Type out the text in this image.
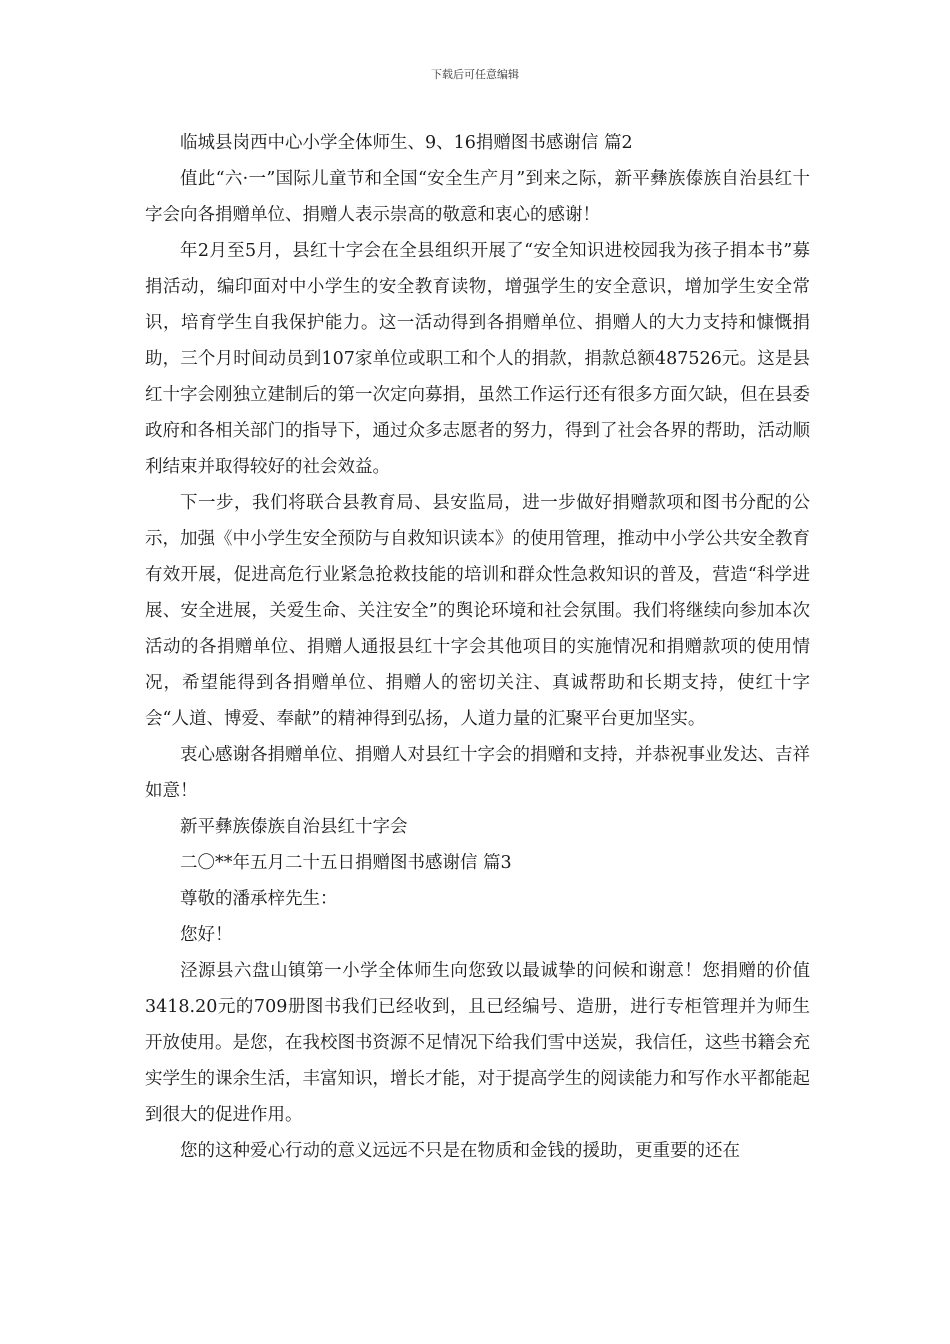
下载后可任意编辑

临城县岗西中心小学全体师生、9、16捐赠图书感谢信 篇2

值此“六·一”国际儿童节和全国“安全生产月”到来之际，新平彝族傣族自治县红十字会向各捐赠单位、捐赠人表示崇高的敬意和衷心的感谢！

年2月至5月，县红十字会在全县组织开展了“安全知识进校园我为孩子捐本书”募捐活动，编印面对中小学生的安全教育读物，增强学生的安全意识，增加学生安全常识，培育学生自我保护能力。这一活动得到各捐赠单位、捐赠人的大力支持和慷慨捐助，三个月时间动员到107家单位或职工和个人的捐款，捐款总额487526元。这是县红十字会刚独立建制后的第一次定向募捐，虽然工作运行还有很多方面欠缺，但在县委政府和各相关部门的指导下，通过众多志愿者的努力，得到了社会各界的帮助，活动顺利结束并取得较好的社会效益。

下一步，我们将联合县教育局、县安监局，进一步做好捐赠款项和图书分配的公示，加强《中小学生安全预防与自救知识读本》的使用管理，推动中小学公共安全教育有效开展，促进高危行业紧急抢救技能的培训和群众性急救知识的普及，营造“科学进展、安全进展，关爱生命、关注安全”的舆论环境和社会氛围。我们将继续向参加本次活动的各捐赠单位、捐赠人通报县红十字会其他项目的实施情况和捐赠款项的使用情况，希望能得到各捐赠单位、捐赠人的密切关注、真诚帮助和长期支持，使红十字会“人道、博爱、奉献”的精神得到弘扬，人道力量的汇聚平台更加坚实。

衷心感谢各捐赠单位、捐赠人对县红十字会的捐赠和支持，并恭祝事业发达、吉祥如意！

新平彝族傣族自治县红十字会

二〇**年五月二十五日捐赠图书感谢信 篇3

尊敬的潘承梓先生：

您好！

泾源县六盘山镇第一小学全体师生向您致以最诚挚的问候和谢意！您捐赠的价值3418.20元的709册图书我们已经收到，且已经编号、造册，进行专柜管理并为师生开放使用。是您，在我校图书资源不足情况下给我们雪中送炭，我信任，这些书籍会充实学生的课余生活，丰富知识，增长才能，对于提高学生的阅读能力和写作水平都能起到很大的促进作用。

您的这种爱心行动的意义远远不只是在物质和金钱的援助，更重要的还在
